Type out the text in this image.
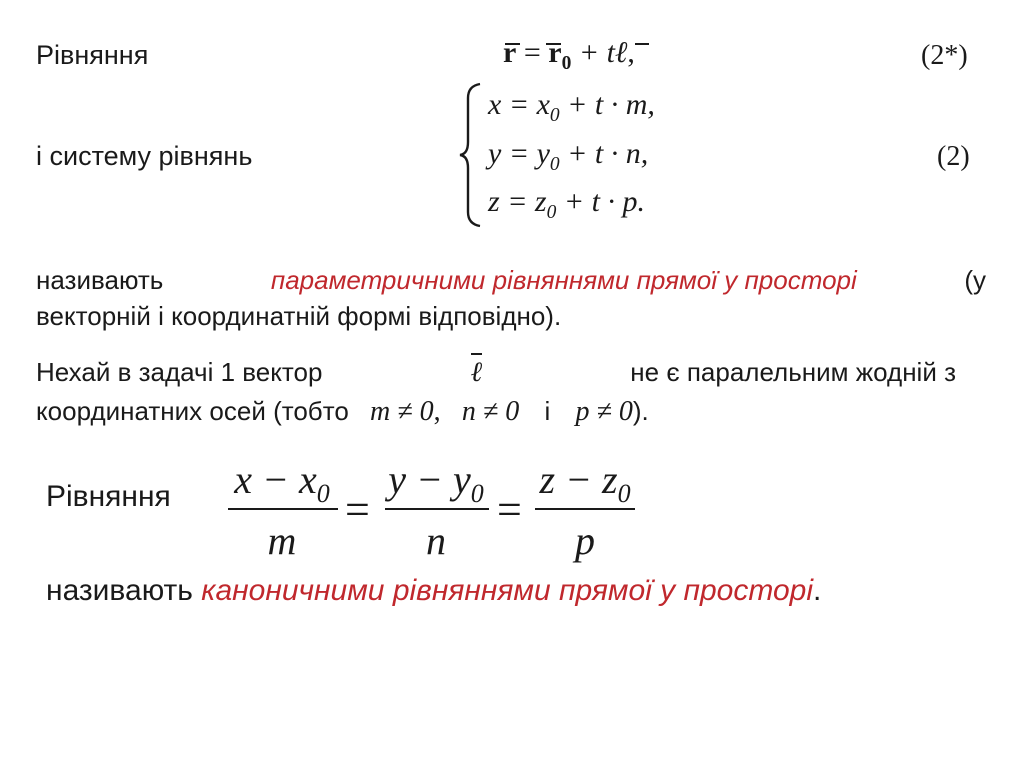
Рівняння	$r = r_0$ + tℓ,	(2*)
і систему рівнянь
$x = x_0 + t \cdot m$,
$y = y_0 + t \cdot n$,
$z = z_0 + t \cdot p$.
(2)
називають	параметричними рівняннями прямої у просторі	(у
векторній і координатній формі відповідно).
Нехай в задачі 1 вектор	ℓ	не є паралельним жодній з
координатних осей (тобто m ≠ 0, n ≠ 0 і p ≠ 0).
Рівняння $x - x_0$
m
=
$y - y_0$
n
=
$z - z_0$
p
називають каноничними рівняннями прямої у просторі.
